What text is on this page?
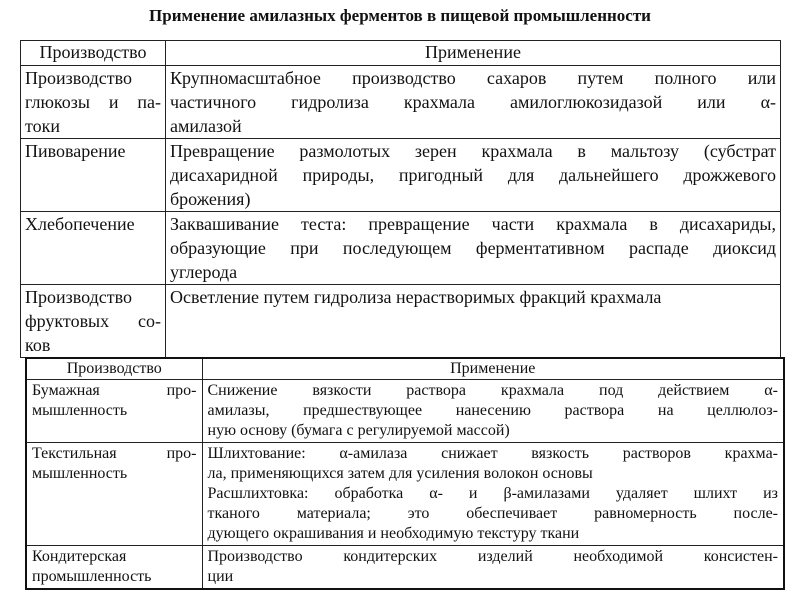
Применение амилазных ферментов в пищевой промышленности
Производство	Применение

Производство
глюкозы и па-
токи	Крупномасштабное производство сахаров путем полного или
частичного гидролиза крахмала амилоглюкозидазой или α-
амилазой

Пивоварение	Превращение размолотых зерен крахмала в мальтозу (субстрат
дисахаридной природы, пригодный для дальнейшего дрожжевого
брожения)

Хлебопечение	Заквашивание теста: превращение части крахмала в дисахариды,
образующие при последующем ферментативном распаде диоксид
углерода

Производство
фруктовых со-
ков	Осветление путем гидролиза нерастворимых фракций крахмала
Производство	Применение

Бумажная про-
мышленность	Снижение вязкости раствора крахмала под действием α-
амилазы, предшествующее нанесению раствора на целлюлоз-
ную основу (бумага с регулируемой массой)

Текстильная про-
мышленность	Шлихтование: α-амилаза снижает вязкость растворов крахма-
ла, применяющихся затем для усиления волокон основы
Расшлихтовка: обработка α- и β-амилазами удаляет шлихт из
тканого материала; это обеспечивает равномерность после-
дующего окрашивания и необходимую текстуру ткани

Кондитерская
промышленность	Производство кондитерских изделий необходимой консистен-
ции
